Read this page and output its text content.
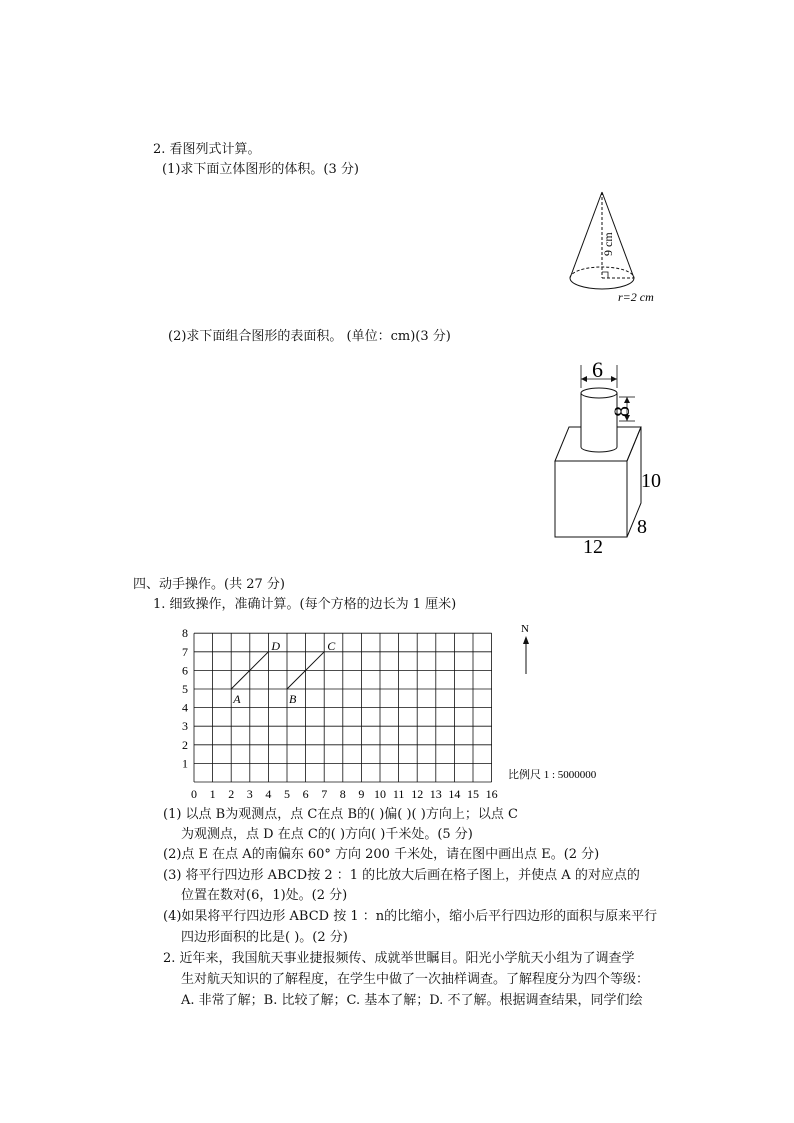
2. 看图列式计算。
(1)求下面立体图形的体积。(3 分)
9 cm
r=2 cm
(2)求下面组合图形的表面积。 (单位：cm)(3 分)
6
8
10
8
12
四、动手操作。(共 27 分)
1. 细致操作，准确计算。(每个方格的边长为 1 厘米)
0 1 2 3 4 5 6 7 8 9 10 11 12 13 14 15 16
1
2
3
4
5
6
7
8
A	B
C
D
N
比例尺 1 : 5000000
(1) 以点 B为观测点，点 C在点 B的( )偏( )( )方向上；以点 C
为观测点，点 D 在点 C的( )方向( )千米处。(5 分)
(2)点 E 在点 A的南偏东 60° 方向 200 千米处，请在图中画出点 E。(2 分)
(3) 将平行四边形 ABCD按 2 ：1 的比放大后画在格子图上，并使点 A 的对应点的
位置在数对(6，1)处。(2 分)
(4)如果将平行四边形 ABCD 按 1 ：n的比缩小，缩小后平行四边形的面积与原来平行
四边形面积的比是( )。(2 分)
2. 近年来，我国航天事业捷报频传、成就举世瞩目。阳光小学航天小组为了调查学
生对航天知识的了解程度，在学生中做了一次抽样调查。了解程度分为四个等级：
A. 非常了解；B. 比较了解；C. 基本了解；D. 不了解。根据调查结果，同学们绘
